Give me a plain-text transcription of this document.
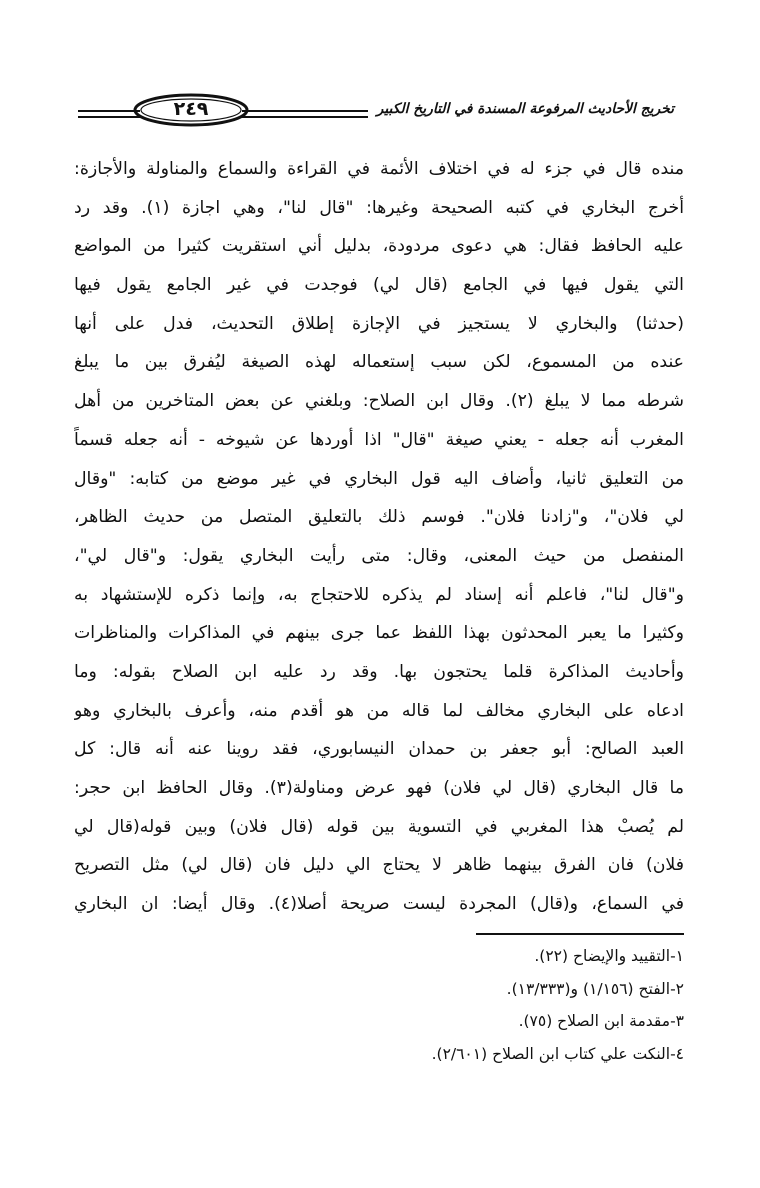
٢٤٩	تخريج الأحاديث المرفوعة المسندة في التاريخ الكبير
منده قال في جزء له في اختلاف الأئمة في القراءة والسماع والمناولة والأجازة:
أخرج البخاري في كتبه الصحيحة وغيرها: "قال لنا"، وهي اجازة (١). وقد رد
عليه الحافظ فقال: هي دعوى مردودة، بدليل أني استقريت كثيرا من المواضع
التي يقول فيها في الجامع (قال لي) فوجدت في غير الجامع يقول فيها
(حدثنا) والبخاري لا يستجيز في الإجازة إطلاق التحديث، فدل على أنها
عنده من المسموع، لكن سبب إستعماله لهذه الصيغة ليُفرق بين ما يبلغ
شرطه مما لا يبلغ (٢). وقال ابن الصلاح: وبلغني عن بعض المتاخرين من أهل
المغرب أنه جعله - يعني صيغة "قال" اذا أوردها عن شيوخه - أنه جعله قسماً
من التعليق ثانيا، وأضاف اليه قول البخاري في غير موضع من كتابه: "وقال
لي فلان"، و"زادنا فلان". فوسم ذلك بالتعليق المتصل من حديث الظاهر،
المنفصل من حيث المعنى، وقال: متى رأيت البخاري يقول: و"قال لي"،
و"قال لنا"، فاعلم أنه إسناد لم يذكره للاحتجاج به، وإنما ذكره للإستشهاد به
وكثيرا ما يعبر المحدثون بهذا اللفظ عما جرى بينهم في المذاكرات والمناظرات
وأحاديث المذاكرة قلما يحتجون بها. وقد رد عليه ابن الصلاح بقوله: وما
ادعاه على البخاري مخالف لما قاله من هو أقدم منه، وأعرف بالبخاري وهو
العبد الصالح: أبو جعفر بن حمدان النيسابوري، فقد روينا عنه أنه قال: كل
ما قال البخاري (قال لي فلان) فهو عرض ومناولة(٣). وقال الحافظ ابن حجر:
لم يُصبْ هذا المغربي في التسوية بين قوله (قال فلان) وبين قوله(قال لي
فلان) فان الفرق بينهما ظاهر لا يحتاج الي دليل فان (قال لي) مثل التصريح
في السماع، و(قال) المجردة ليست صريحة أصلا(٤). وقال أيضا: ان البخاري
١-التقييد والإيضاح (٢٢).
٢-الفتح (١/١٥٦) و(١٣/٣٣٣).
٣-مقدمة ابن الصلاح (٧٥).
٤-النكت علي كتاب ابن الصلاح (٢/٦٠١).
